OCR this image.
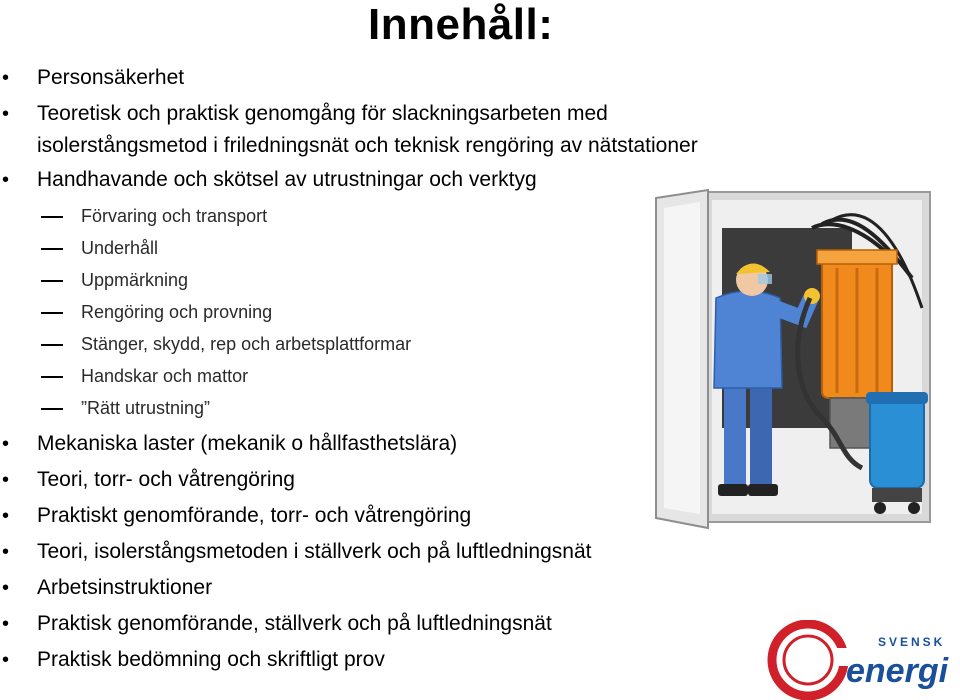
Innehåll:
• Personsäkerhet
• Teoretisk och praktisk genomgång för slackningsarbeten med isolerstångsmetod i friledningsnät och teknisk rengöring av nätstationer
• Handhavande och skötsel av utrustningar och verktyg
Förvaring och transport
Underhåll
Uppmärkning
Rengöring och provning
Stänger, skydd, rep och arbetsplattformar
Handskar och mattor
”Rätt utrustning”
• Mekaniska laster (mekanik o hållfasthetslära)
• Teori, torr- och våtrengöring
• Praktiskt genomförande, torr- och våtrengöring
• Teori, isolerstångsmetoden i ställverk och på luftledningsnät
• Arbetsinstruktioner
• Praktisk genomförande, ställverk och på luftledningsnät
• Praktisk bedömning och skriftligt prov
SVENSK
energi
